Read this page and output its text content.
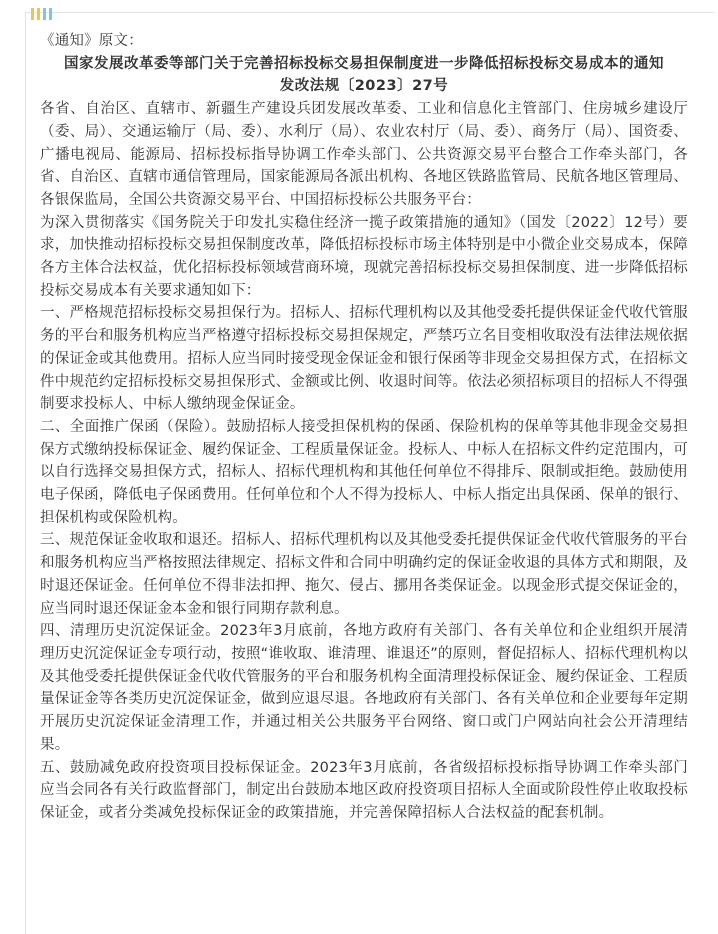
《通知》原文：

国家发展改革委等部门关于完善招标投标交易担保制度进一步降低招标投标交易成本的通知

发改法规〔2023〕27号

各省、自治区、直辖市、新疆生产建设兵团发展改革委、工业和信息化主管部门、住房城乡建设厅（委、局）、交通运输厅（局、委）、水利厅（局）、农业农村厅（局、委）、商务厅（局）、国资委、广播电视局、能源局、招标投标指导协调工作牵头部门、公共资源交易平台整合工作牵头部门，各省、自治区、直辖市通信管理局，国家能源局各派出机构、各地区铁路监管局、民航各地区管理局、各银保监局，全国公共资源交易平台、中国招标投标公共服务平台：

为深入贯彻落实《国务院关于印发扎实稳住经济一揽子政策措施的通知》（国发〔2022〕12号）要求，加快推动招标投标交易担保制度改革，降低招标投标市场主体特别是中小微企业交易成本，保障各方主体合法权益，优化招标投标领域营商环境，现就完善招标投标交易担保制度、进一步降低招标投标交易成本有关要求通知如下：

一、严格规范招标投标交易担保行为。招标人、招标代理机构以及其他受委托提供保证金代收代管服务的平台和服务机构应当严格遵守招标投标交易担保规定，严禁巧立名目变相收取没有法律法规依据的保证金或其他费用。招标人应当同时接受现金保证金和银行保函等非现金交易担保方式，在招标文件中规范约定招标投标交易担保形式、金额或比例、收退时间等。依法必须招标项目的招标人不得强制要求投标人、中标人缴纳现金保证金。

二、全面推广保函（保险）。鼓励招标人接受担保机构的保函、保险机构的保单等其他非现金交易担保方式缴纳投标保证金、履约保证金、工程质量保证金。投标人、中标人在招标文件约定范围内，可以自行选择交易担保方式，招标人、招标代理机构和其他任何单位不得排斥、限制或拒绝。鼓励使用电子保函，降低电子保函费用。任何单位和个人不得为投标人、中标人指定出具保函、保单的银行、担保机构或保险机构。

三、规范保证金收取和退还。招标人、招标代理机构以及其他受委托提供保证金代收代管服务的平台和服务机构应当严格按照法律规定、招标文件和合同中明确约定的保证金收退的具体方式和期限，及时退还保证金。任何单位不得非法扣押、拖欠、侵占、挪用各类保证金。以现金形式提交保证金的，应当同时退还保证金本金和银行同期存款利息。

四、清理历史沉淀保证金。2023年3月底前，各地方政府有关部门、各有关单位和企业组织开展清理历史沉淀保证金专项行动，按照“谁收取、谁清理、谁退还”的原则，督促招标人、招标代理机构以及其他受委托提供保证金代收代管服务的平台和服务机构全面清理投标保证金、履约保证金、工程质量保证金等各类历史沉淀保证金，做到应退尽退。各地政府有关部门、各有关单位和企业要每年定期开展历史沉淀保证金清理工作，并通过相关公共服务平台网络、窗口或门户网站向社会公开清理结果。

五、鼓励减免政府投资项目投标保证金。2023年3月底前，各省级招标投标指导协调工作牵头部门应当会同各有关行政监督部门，制定出台鼓励本地区政府投资项目招标人全面或阶段性停止收取投标保证金，或者分类减免投标保证金的政策措施，并完善保障招标人合法权益的配套机制。
